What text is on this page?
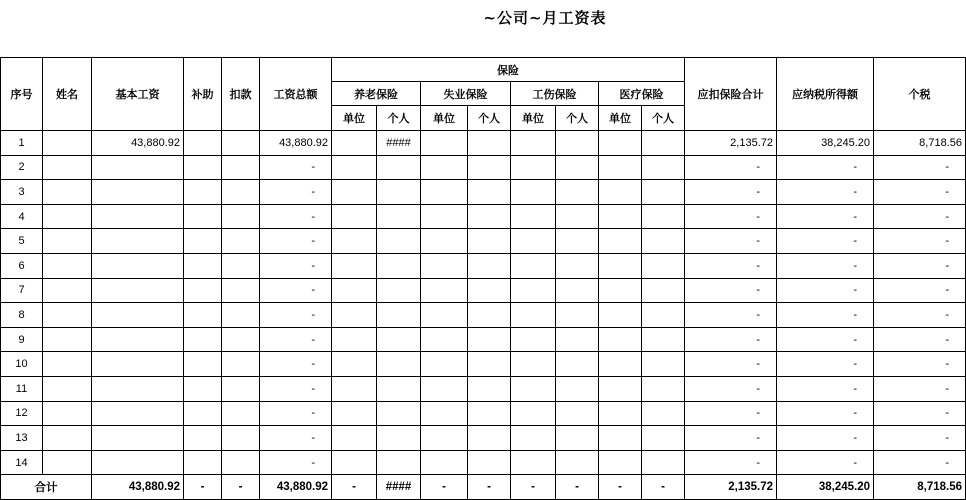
~公司~月工资表
序号	姓名	基本工资	补助	扣款	工资总额	保险								应扣保险合计	应纳税所得额	个税
						养老保险		失业保险		工伤保险		医疗保险				
						单位	个人	单位	个人	单位	个人	单位	个人			
1		43,880.92			43,880.92		####							2,135.72	38,245.20	8,718.56
2					-									-	-	-
3					-									-	-	-
4					-									-	-	-
5					-									-	-	-
6					-									-	-	-
7					-									-	-	-
8					-									-	-	-
9					-									-	-	-
10					-									-	-	-
11					-									-	-	-
12					-									-	-	-
13					-									-	-	-
14					-									-	-	-
合计		43,880.92	-	-	43,880.92	-	####	-	-	-	-	-	-	2,135.72	38,245.20	8,718.56
